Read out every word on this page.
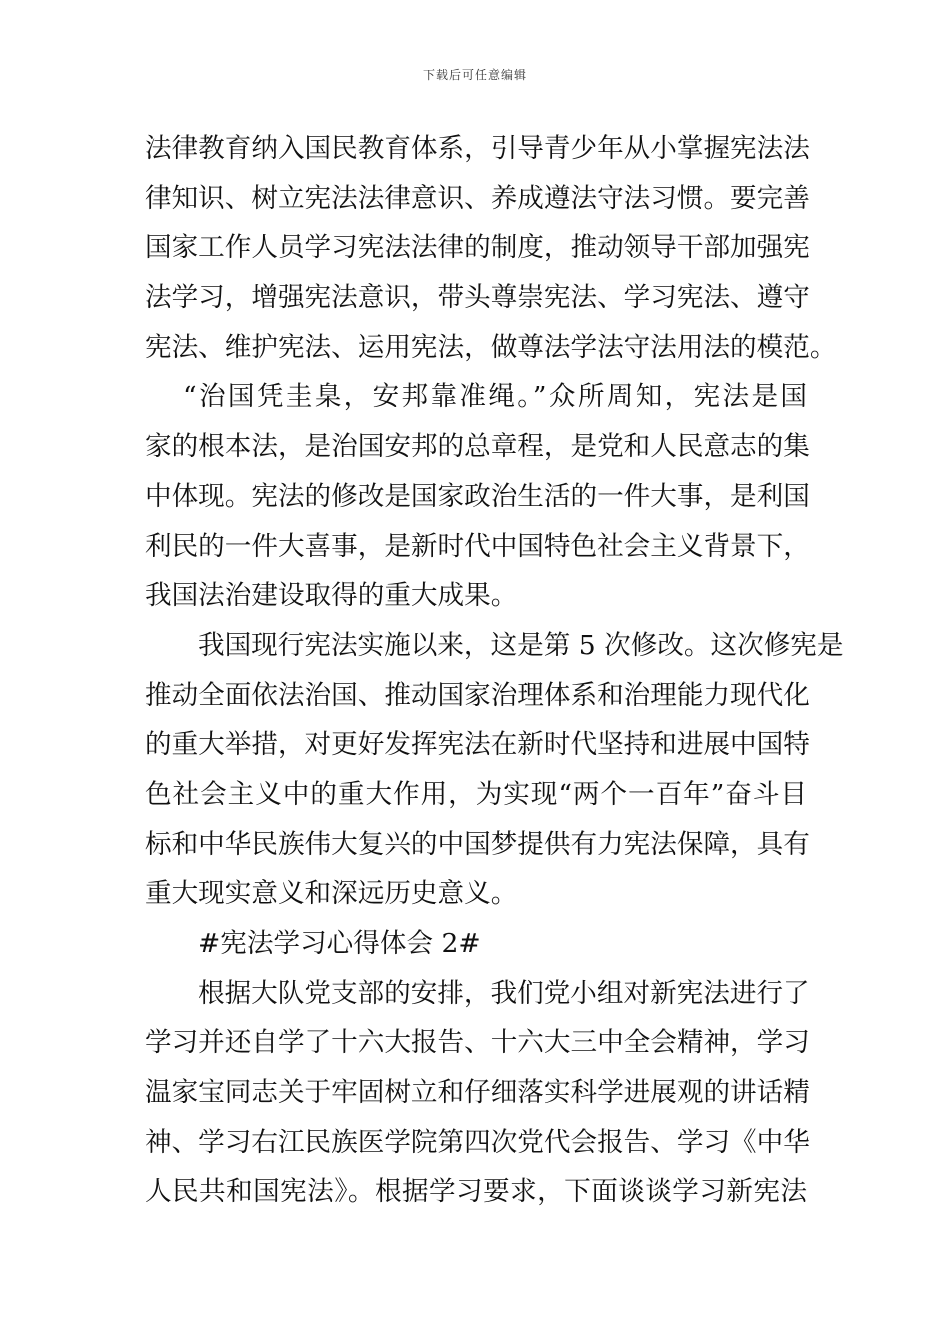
下载后可任意编辑
法律教育纳入国民教育体系，引导青少年从小掌握宪法法
律知识、树立宪法法律意识、养成遵法守法习惯。要完善
国家工作人员学习宪法法律的制度，推动领导干部加强宪
法学习，增强宪法意识，带头尊崇宪法、学习宪法、遵守
宪法、维护宪法、运用宪法，做尊法学法守法用法的模范。
“治国凭圭臬，安邦靠准绳。”众所周知，宪法是国
家的根本法，是治国安邦的总章程，是党和人民意志的集
中体现。宪法的修改是国家政治生活的一件大事，是利国
利民的一件大喜事，是新时代中国特色社会主义背景下，
我国法治建设取得的重大成果。
我国现行宪法实施以来，这是第 5 次修改。这次修宪是
推动全面依法治国、推动国家治理体系和治理能力现代化
的重大举措，对更好发挥宪法在新时代坚持和进展中国特
色社会主义中的重大作用，为实现“两个一百年”奋斗目
标和中华民族伟大复兴的中国梦提供有力宪法保障，具有
重大现实意义和深远历史意义。
#宪法学习心得体会 2#
根据大队党支部的安排，我们党小组对新宪法进行了
学习并还自学了十六大报告、十六大三中全会精神，学习
温家宝同志关于牢固树立和仔细落实科学进展观的讲话精
神、学习右江民族医学院第四次党代会报告、学习《中华
人民共和国宪法》。根据学习要求，下面谈谈学习新宪法
